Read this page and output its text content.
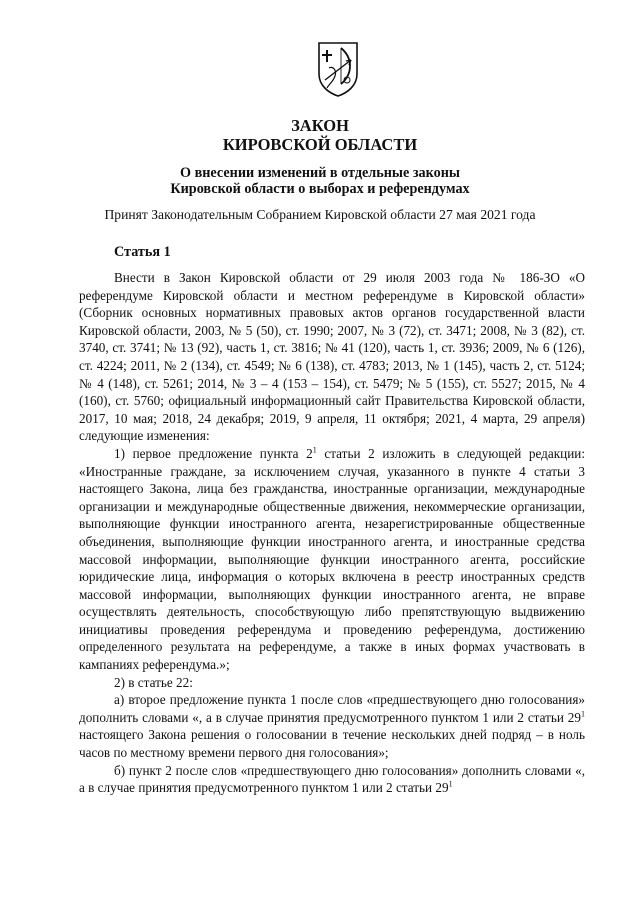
ЗАКОН
КИРОВСКОЙ ОБЛАСТИ
О внесении изменений в отдельные законы
Кировской области о выборах и референдумах
Принят Законодательным Собранием Кировской области 27 мая 2021 года
Статья 1

Внести в Закон Кировской области от 29 июля 2003 года № 186-ЗО «О референдуме Кировской области и местном референдуме в Кировской области» (Сборник основных нормативных правовых актов органов государственной власти Кировской области, 2003, № 5 (50), ст. 1990; 2007, № 3 (72), ст. 3471; 2008, № 3 (82), ст. 3740, ст. 3741; № 13 (92), часть 1, ст. 3816; № 41 (120), часть 1, ст. 3936; 2009, № 6 (126), ст. 4224; 2011, № 2 (134), ст. 4549; № 6 (138), ст. 4783; 2013, № 1 (145), часть 2, ст. 5124; № 4 (148), ст. 5261; 2014, № 3 – 4 (153 – 154), ст. 5479; № 5 (155), ст. 5527; 2015, № 4 (160), ст. 5760; официальный информационный сайт Правительства Кировской области, 2017, 10 мая; 2018, 24 декабря; 2019, 9 апреля, 11 октября; 2021, 4 марта, 29 апреля) следующие изменения:

1) первое предложение пункта $2^1$ статьи 2 изложить в следующей редакции: «Иностранные граждане, за исключением случая, указанного в пункте 4 статьи 3 настоящего Закона, лица без гражданства, иностранные организации, международные организации и международные общественные движения, некоммерческие организации, выполняющие функции иностранного агента, незарегистрированные общественные объединения, выполняющие функции иностранного агента, и иностранные средства массовой информации, выполняющие функции иностранного агента, российские юридические лица, информация о которых включена в реестр иностранных средств массовой информации, выполняющих функции иностранного агента, не вправе осуществлять деятельность, способствующую либо препятствующую выдвижению инициативы проведения референдума и проведению референдума, достижению определенного результата на референдуме, а также в иных формах участвовать в кампаниях референдума.»;

2) в статье 22:

а) второе предложение пункта 1 после слов «предшествующего дню голосования» дополнить словами «, а в случае принятия предусмотренного пунктом 1 или 2 статьи $29^1$ настоящего Закона решения о голосовании в течение нескольких дней подряд – в ноль часов по местному времени первого дня голосования»;

б) пункт 2 после слов «предшествующего дню голосования» дополнить словами «, а в случае принятия предусмотренного пунктом 1 или 2 статьи $29^1$
